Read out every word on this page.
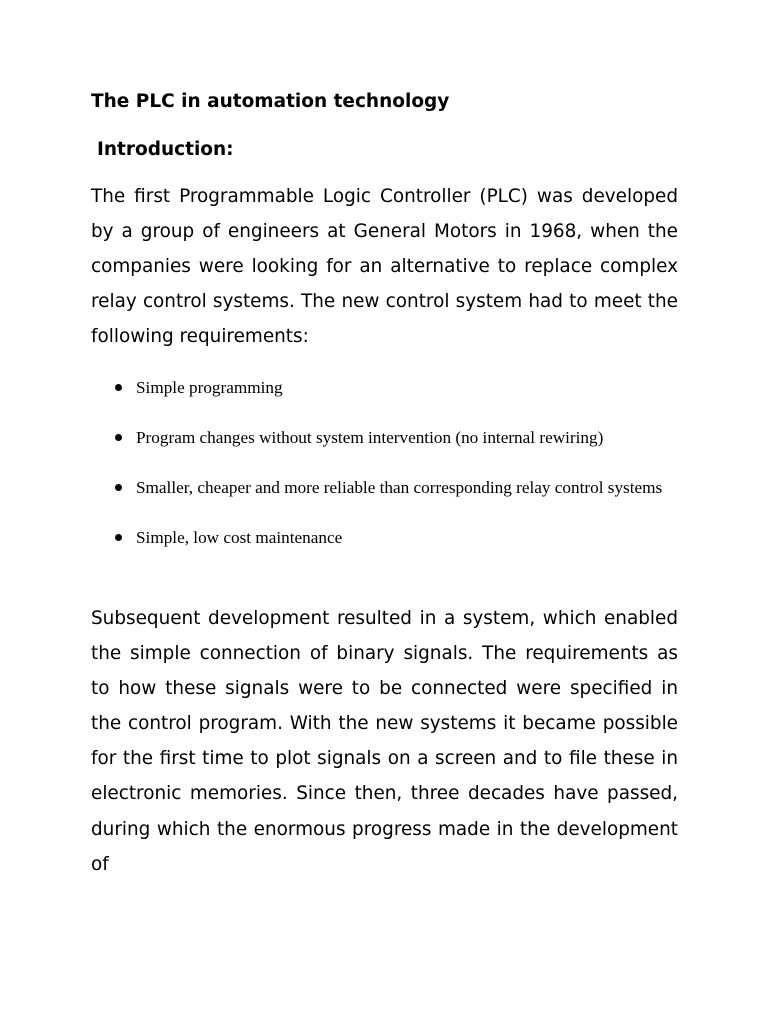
The PLC in automation technology
Introduction:

The first Programmable Logic Controller (PLC) was developed by a group of engineers at General Motors in 1968, when the companies were looking for an alternative to replace complex relay control systems. The new control system had to meet the following requirements:

Simple programming
Program changes without system intervention (no internal rewiring)
Smaller, cheaper and more reliable than corresponding relay control systems
Simple, low cost maintenance

Subsequent development resulted in a system, which enabled the simple connection of binary signals. The requirements as to how these signals were to be connected were specified in the control program. With the new systems it became possible for the first time to plot signals on a screen and to file these in electronic memories. Since then, three decades have passed, during which the enormous progress made in the development of
